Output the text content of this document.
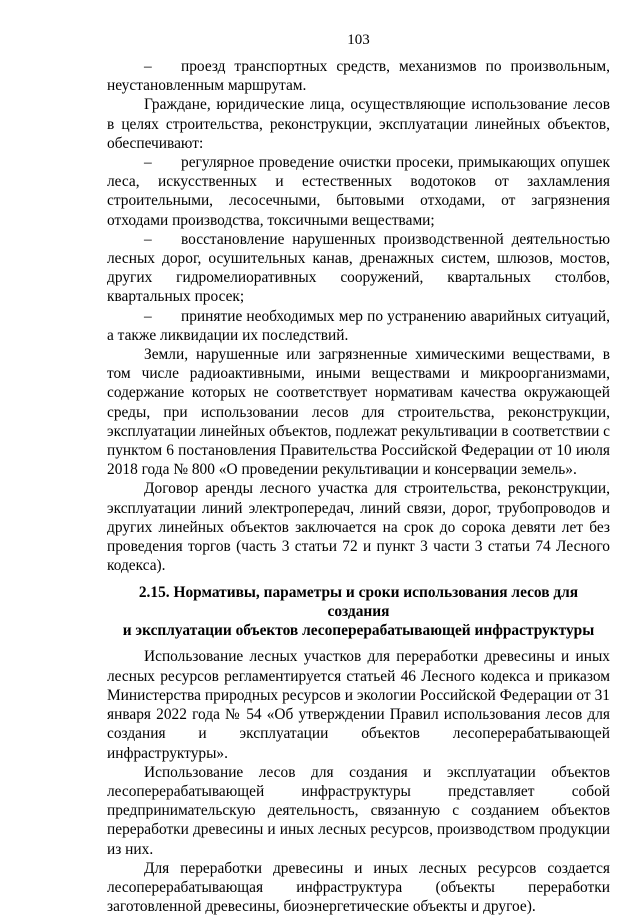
103

– проезд транспортных средств, механизмов по произвольным, неустановленным маршрутам.

Граждане, юридические лица, осуществляющие использование лесов в целях строительства, реконструкции, эксплуатации линейных объектов, обеспечивают:

– регулярное проведение очистки просеки, примыкающих опушек леса, искусственных и естественных водотоков от захламления строительными, лесосечными, бытовыми отходами, от загрязнения отходами производства, токсичными веществами;

– восстановление нарушенных производственной деятельностью лесных дорог, осушительных канав, дренажных систем, шлюзов, мостов, других гидромелиоративных сооружений, квартальных столбов, квартальных просек;

– принятие необходимых мер по устранению аварийных ситуаций, а также ликвидации их последствий.

Земли, нарушенные или загрязненные химическими веществами, в том числе радиоактивными, иными веществами и микроорганизмами, содержание которых не соответствует нормативам качества окружающей среды, при использовании лесов для строительства, реконструкции, эксплуатации линейных объектов, подлежат рекультивации в соответствии с пунктом 6 постановления Правительства Российской Федерации от 10 июля 2018 года № 800 «О проведении рекультивации и консервации земель».

Договор аренды лесного участка для строительства, реконструкции, эксплуатации линий электропередач, линий связи, дорог, трубопроводов и других линейных объектов заключается на срок до сорока девяти лет без проведения торгов (часть 3 статьи 72 и пункт 3 части 3 статьи 74 Лесного кодекса).

2.15. Нормативы, параметры и сроки использования лесов для создания
и эксплуатации объектов лесоперерабатывающей инфраструктуры

Использование лесных участков для переработки древесины и иных лесных ресурсов регламентируется статьей 46 Лесного кодекса и приказом Министерства природных ресурсов и экологии Российской Федерации от 31 января 2022 года № 54 «Об утверждении Правил использования лесов для создания и эксплуатации объектов лесоперерабатывающей инфраструктуры».

Использование лесов для создания и эксплуатации объектов лесоперерабатывающей инфраструктуры представляет собой предпринимательскую деятельность, связанную с созданием объектов переработки древесины и иных лесных ресурсов, производством продукции из них.

Для переработки древесины и иных лесных ресурсов создается лесоперерабатывающая инфраструктура (объекты переработки заготовленной древесины, биоэнергетические объекты и другое).
